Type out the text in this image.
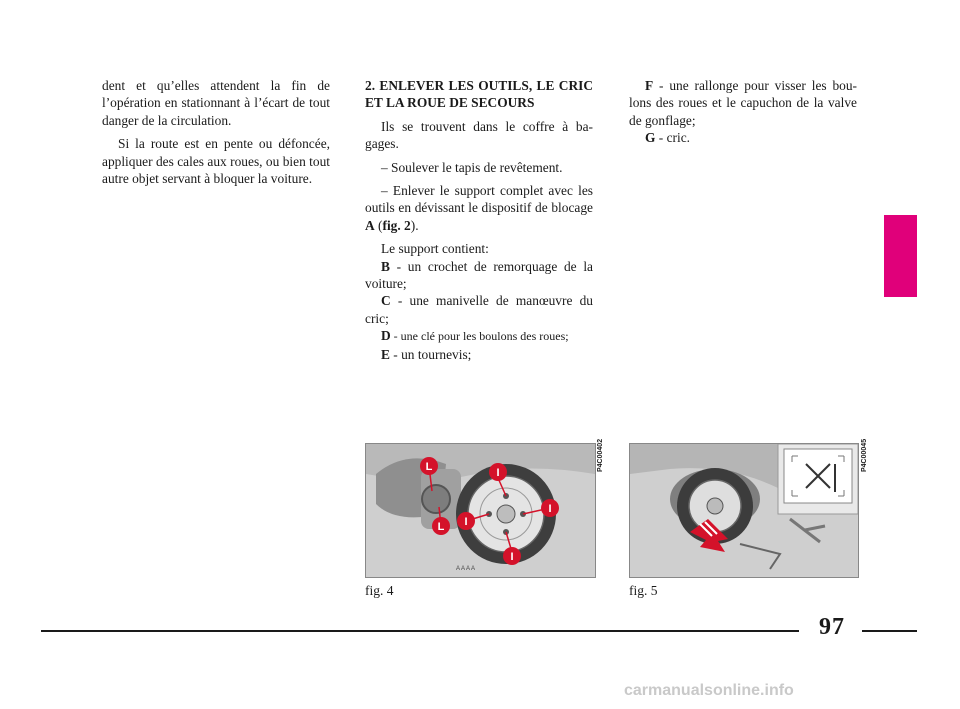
dent et qu’elles attendent la fin de l’opération en stationnant à l’écart de tout danger de la circulation.

Si la route est en pente ou défoncée, appliquer des cales aux roues, ou bien tout autre objet servant à bloquer la voiture.

2. ENLEVER LES OUTILS, LE CRIC ET LA ROUE DE SECOURS

Ils se trouvent dans le coffre à ba-gages.

– Soulever le tapis de revêtement.

– Enlever le support complet avec les outils en dévissant le dispositif de blocage A (fig. 2).

Le support contient:

B - un crochet de remorquage de la voiture;

C - une manivelle de manœuvre du cric;

D - une clé pour les boulons des roues;

E - un tournevis;

F - une rallonge pour visser les bou-lons des roues et le capuchon de la valve de gonflage;

G - cric.

L
L
I
I
I
I
A A A A
P4C00402
fig. 4
P4C00045
fig. 5
97
carmanualsonline.info
